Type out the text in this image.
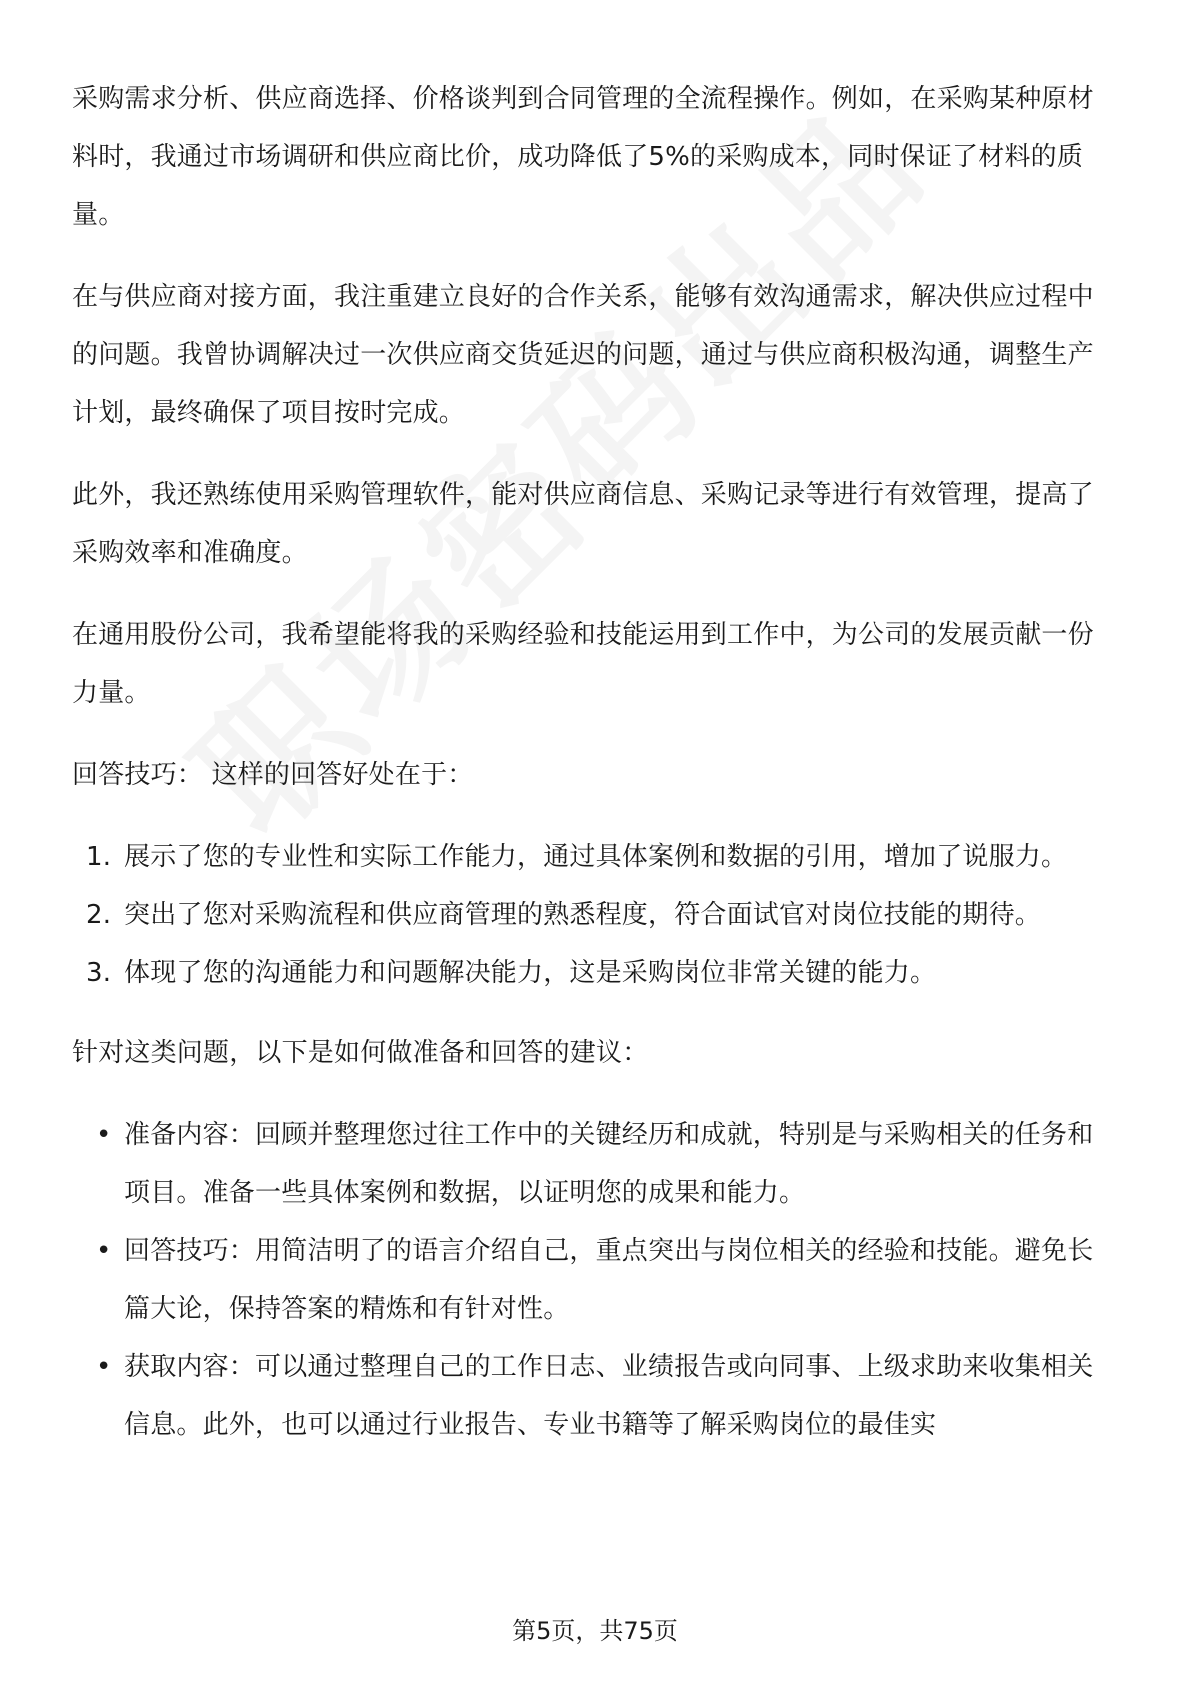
采购需求分析、供应商选择、价格谈判到合同管理的全流程操作。例如，在采购某种原材料时，我通过市场调研和供应商比价，成功降低了5%的采购成本，同时保证了材料的质量。

在与供应商对接方面，我注重建立良好的合作关系，能够有效沟通需求，解决供应过程中的问题。我曾协调解决过一次供应商交货延迟的问题，通过与供应商积极沟通，调整生产计划，最终确保了项目按时完成。

此外，我还熟练使用采购管理软件，能对供应商信息、采购记录等进行有效管理，提高了采购效率和准确度。

在通用股份公司，我希望能将我的采购经验和技能运用到工作中，为公司的发展贡献一份力量。

回答技巧： 这样的回答好处在于：

1. 展示了您的专业性和实际工作能力，通过具体案例和数据的引用，增加了说服力。
2. 突出了您对采购流程和供应商管理的熟悉程度，符合面试官对岗位技能的期待。
3. 体现了您的沟通能力和问题解决能力，这是采购岗位非常关键的能力。

针对这类问题，以下是如何做准备和回答的建议：

• 准备内容：回顾并整理您过往工作中的关键经历和成就，特别是与采购相关的任务和项目。准备一些具体案例和数据，以证明您的成果和能力。
• 回答技巧：用简洁明了的语言介绍自己，重点突出与岗位相关的经验和技能。避免长篇大论，保持答案的精炼和有针对性。
• 获取内容：可以通过整理自己的工作日志、业绩报告或向同事、上级求助来收集相关信息。此外，也可以通过行业报告、专业书籍等了解采购岗位的最佳实
第5页，共75页
